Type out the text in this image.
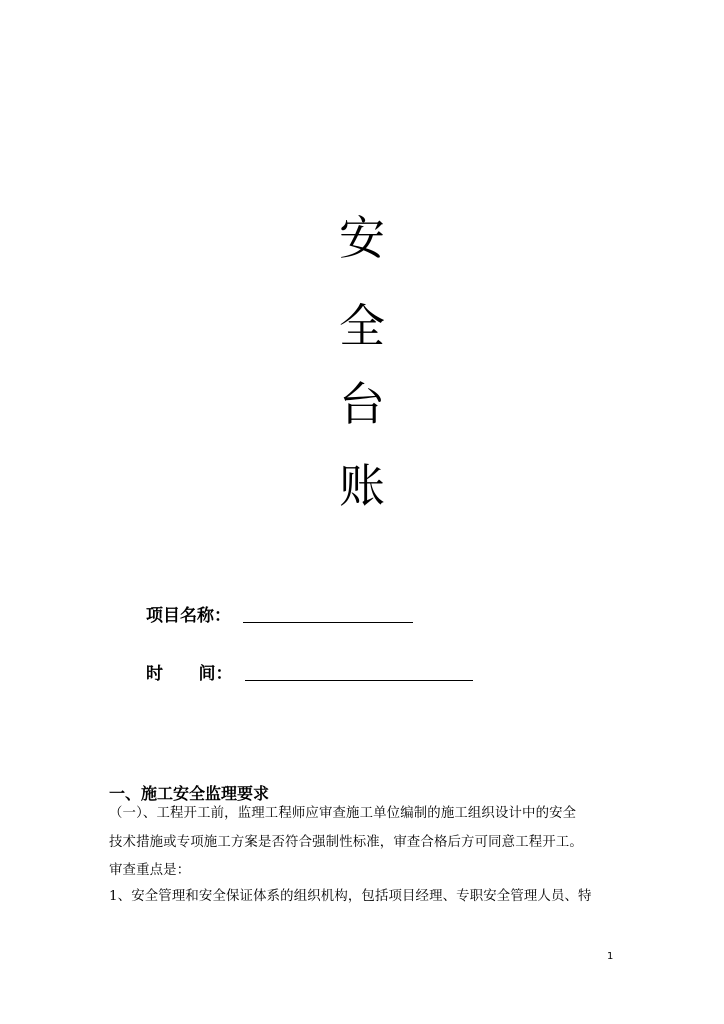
安
全
台
账
项目名称：
时      间：
一、施工安全监理要求
（一）、工程开工前，监理工程师应审查施工单位编制的施工组织设计中的安全
技术措施或专项施工方案是否符合强制性标准，审查合格后方可同意工程开工。
审查重点是：
1、安全管理和安全保证体系的组织机构，包括项目经理、专职安全管理人员、特
1
